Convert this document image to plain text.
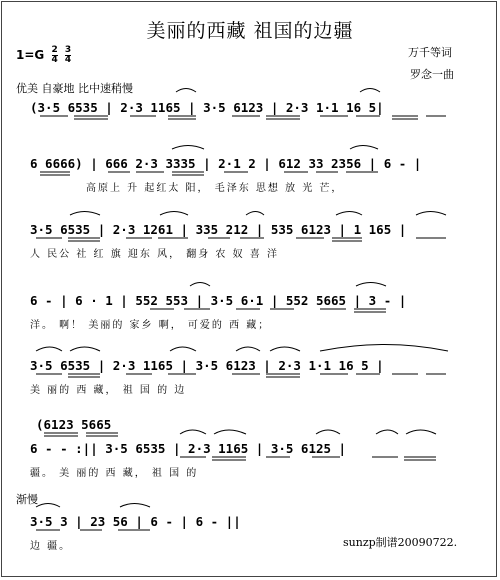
美丽的西藏 祖国的边疆
$1=G \frac{2}{4}$
$\frac{3}{4}$	万千等词
罗念一曲
优美 自豪地 比中速稍慢
(3·5 6535 | 2·3 1165 | 3·5 6123 | 2·3 1·1 16 5|
6 6666) | 666 2·3 3335 | 2·1 2 | 612 33 2356 | 6 - |
高原上 升 起红太 阳， 毛泽东 思想 放 光 芒，
3·5 6535 | 2·3 1261 | 335 212 | 535 6123 | 1 165 |
人 民公 社 红 旗 迎东 风， 翻身 农 奴 喜 洋
6 - | 6 · 1 | 552 553 | 3·5 6·1 | 552 5665 | 3 - |
洋。 啊！ 美丽的 家乡 啊， 可爱的 西 藏；
3·5 6535 | 2·3 1165 | 3·5 6123 | 2·3 1·1 16 5 |
美 丽的 西 藏， 祖 国 的 边
(6123 5665
6 - - :|| 3·5 6535 | 2·3 1165 | 3·5 6125 |
疆。 美 丽的 西 藏， 祖 国 的
渐慢
3·5 3 | 23 56 | 6 - | 6 - ||
边 疆。	sunzp制谱20090722.
